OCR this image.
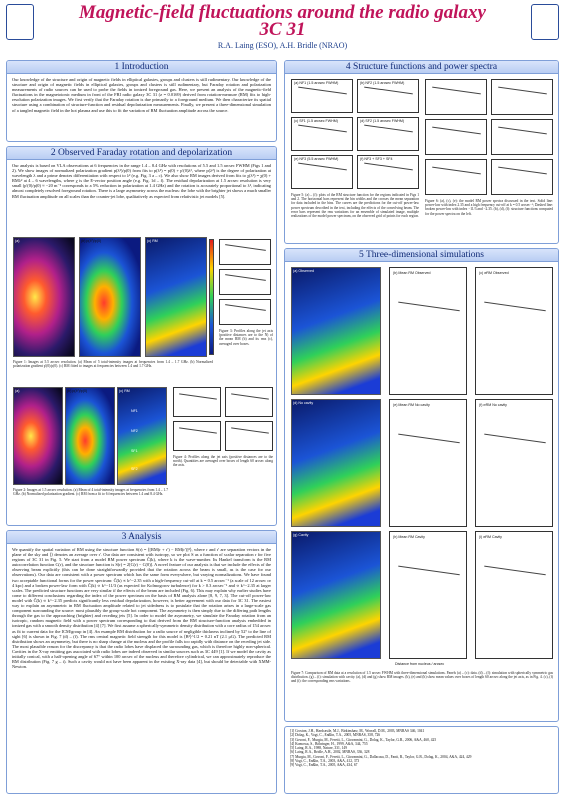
Magnetic-field fluctuations around the radio galaxy
3C 31
R.A. Laing (ESO), A.H. Bridle (NRAO)
1 Introduction
Our knowledge of the structure and origin of magnetic fields in elliptical galaxies, groups and clusters is still rudimentary. Our knowledge of the structure and origin of magnetic fields in elliptical galaxies, groups and clusters is still rudimentary, but Faraday rotation and polarization measurements of radio sources can be used to probe the fields in ionized foreground gas. Here, we present an analysis of the magnetic-field fluctuations in the magnetoionic medium in front of the FRI radio galaxy 3C 31 (z = 0.0169) derived from rotation-measure (RM) fits to high-resolution polarization images. We first verify that the Faraday rotation is due primarily to a foreground medium. We then characterize its spatial structure using a combination of structure-function and residual depolarization measurements. Finally, we present a three-dimensional simulation of a tangled magnetic field in the hot plasma and use this to fit the variation of RM fluctuation amplitude across the source.
2 Observed Faraday rotation and depolarization
Our analysis is based on VLA observations at 6 frequencies in the range 1.4 – 8.4 GHz with resolutions of 5.5 and 1.5 arcsec FWHM (Figs 1 and 2). We show images of normalized polarization gradient p(λ²)/p(0) from fits to p(λ²) = p(0) + p'(0)λ², where p(λ²) is the degree of polarization at wavelength λ and a prime denotes differentiation with respect to λ² (e.g. Fig. 3 a – c). We also show RM images derived from fits to χ(λ²) = χ(0) + RMλ² at 4 – 6 wavelengths, where χ is the E-vector position angle (e.g. Fig. 1d – f). The residual depolarization at 1.5 arcsec resolution is very small (p'(0)/p(0) ≈ −20 m⁻² corresponds to a 5% reduction in polarization at 1.4 GHz) and the rotation is accurately proportional to λ², indicating almost completely resolved foreground rotation. There is a large asymmetry across the nucleus: the lobe with the brighter jet shows a much smaller RM fluctuation amplitude on all scales than the counter-jet lobe, qualitatively as expected from relativistic jet models [5].
(a)	(b) p(λ²)/p(0)	(c) RM
Figure 1: Images at 5.5 arcsec resolution. (a) Mean of 5 total-intensity images at frequencies from 1.4 – 1.7 GHz. (b) Normalized polarization gradient p'(0)/p(0). (c) RM fitted to images at frequencies between 1.4 and 1.7 GHz.
Figure 3: Profiles along the jet axis (positive distances are to the N) of the mean RM (b) and its rms (c), averaged over boxes.
(a)	(b) p(λ²)/p(0)	(c) RM
NF1
NF2
SF1
SF2
Figure 2: Images at 1.5 arcsec resolution. (a) Mean of 4 total-intensity images at frequencies from 1.4 – 1.7 GHz. (b) Normalized polarization gradient. (c) RM from a fit to 6 frequencies between 1.4 and 8.4 GHz.
Figure 4: Profiles along the jet axis (positive distances are to the north). Quantities are averaged over boxes of length 60 arcsec along the axis.
3 Analysis
We quantify the spatial variation of RM using the structure function S(r) = ⟨[RM(r + r') − RM(r')]²⟩, where r and r' are separation vectors in the plane of the sky and ⟨⟩ denotes an average over r'. Our data are consistent with isotropy, so we plot S as a function of scalar separation r for five regions of 3C 31 in Fig. 5. We start from a model RM power spectrum Ĉ(k), where k is the wave-number. Its Hankel transform is the RM autocorrelation function C(r), and the structure function is S(r) = 2[C(r) − C(0)]. A novel feature of our analysis is that we include the effects of the observing beam explicitly (this can be done straightforwardly provided that the rotation across the beam is small, as is the case for our observations). Our data are consistent with a power spectrum which has the same form everywhere, but varying normalizations. We have found two acceptable functional forms for the power spectrum: Ĉ(k) ∝ k^−2.35 with a high-frequency cut-off at k = 0.5 arcsec⁻¹ (a scale of 12 arcsec or 4 kpc) and a broken power-law form with Ĉ(k) ∝ k^−11/3 (as expected for Kolmogorov turbulence) for k > 0.3 arcsec⁻¹ and ∝ k^−2.35 at larger scales. The predicted structure functions are very similar if the effects of the beam are included (Fig. 6). This may explain why earlier studies have come to different conclusions regarding the index of the power spectrum on the basis of RM analysis alone [8, 9, 7, 3]. The cut-off power-law model with Ĉ(k) ∝ k^−2.35 predicts significantly less residual depolarization, however, is better agreement with our data for 3C 31. The easiest way to explain an asymmetric in RM fluctuation amplitude related to jet sidedness is to postulate that the rotation arises in a large-scale gas component surrounding the source: most plausibly the group-scale hot component. The asymmetry is then simply due to the differing path lengths through the gas to the approaching (brighter) and receding jets [5]. In order to model the asymmetry, we simulate the Faraday rotation from an isotropic, random magnetic field with a power spectrum corresponding to that derived from the RM structure-function analysis embedded in ionized gas with a smooth density distribution [4] [7]. We first assume a spherically-symmetric density distribution with a core radius of 154 arcsec as fit to current data for the ICM/group in [4]. An example RM distribution for a radio source of negligible thickness inclined by 52° to the line of sight [6] is shown in Fig. 7 (d) – (f). The rms central magnetic field strength for this model is ⟨B²⟩^1/2 = 0.21 nT (2.1 μG). The predicted RM distribution shows an asymmetry, but there is no sharp change at the nucleus and the profile falls too rapidly with distance on the receding jet side. The most plausible reason for the discrepancy is that the radio lobes have displaced the surrounding gas, which is therefore highly non-spherical. Cavities in the X-ray emitting gas associated with radio lobes are indeed observed in similar sources such as 3C 449 [1]. If we model the cavity as initially conical, with a half-opening angle of 67° within 100 arcsec of the nucleus and therefore cylindrical, we can approximately reproduce the RM distribution (Fig. 7 g – i). Such a cavity would not have been apparent in the existing X-ray data [4], but should be detectable with XMM-Newton.
4 Structure functions and power spectra
(a) NF1 (1.5 arcsec FWHM)	(b) NF2 (1.5 arcsec FWHM)
(c) SF1 (1.5 arcsec FWHM)	(d) SF2 (1.5 arcsec FWHM)
(e) NF3 (5.5 arcsec FWHM)	(f) NF3 + SF3 + SF4
Figure 5: (a) – (f): plots of the RM structure function for the regions indicated in Figs 1 and 2. The horizontal bars represent the bin widths and the crosses the mean separation for data included in the bins. The curves are the predictions for the cut-off power-law power spectrum described in the text, including the effects of the convolving beam. The error bars represent the rms variations for an ensemble of simulated image, multiple realizations of the model power spectrum, on the observed grid of points for each region.
Figure 6: (a), (c), (e): the model RM power spectra discussed in the text. Solid line: power-law with index 2.35 and a high frequency cut-off at k = 0.5 arcsec⁻¹; Dashed line: broken power-law with index −11/3 and −2.35. (b), (d), (f): structure functions computed for the power spectra on the left.
5 Three-dimensional simulations
(a) Observed	(b) Mean RM Observed	(c) σRM Observed
(d) No cavity	(e) Mean RM No cavity	(f) σRM No cavity
(g) Cavity	(h) Mean RM Cavity	(i) σRM Cavity
Distance from nucleus / arcsec
Figure 7: Comparison of RM data at a resolution of 1.5 arcsec FWHM with three-dimensional simulations. Panels (a) – (c): data. (d) – (f): simulation with spherically symmetric gas distribution. (g) – (i): simulation with cavity. (a), (d) and (g) show RM images. (b), (e) and (h) show mean values over boxes of length 60 arcsec along the jet axis, as in Fig. 4. (c), (f) and (i): the corresponding rms variations.
[1] Croston, J.H., Hardcastle, M.J., Birkinshaw, M., Worrall, D.M., 2003, MNRAS 346, 1041
[2] Dolag, K., Vogt, C., Enßlin, T.A., 2005, MNRAS, 358, 726
[3] Govoni, F., Murgia, M., Feretti, L., Giovannini, G., Dolag, K., Taylor, G.B., 2006, A&A, 460, 425
[4] Komossa, S., Böhringer, H., 1999, A&A, 344, 755
[5] Laing, R.A., 1988, Nature, 331, 149
[6] Laing, R.A., Bridle, A.H., 2002, MNRAS, 336, 328
[7] Murgia, M., Govoni, F., Feretti, L., Giovannini, G., Dallacasa, D., Fanti, R., Taylor, G.B., Dolag, K., 2004, A&A, 424, 429
[8] Vogt, C., Enßlin, T.A., 2003, A&A, 412, 373
[9] Vogt, C., Enßlin, T.A., 2005, A&A, 434, 67
